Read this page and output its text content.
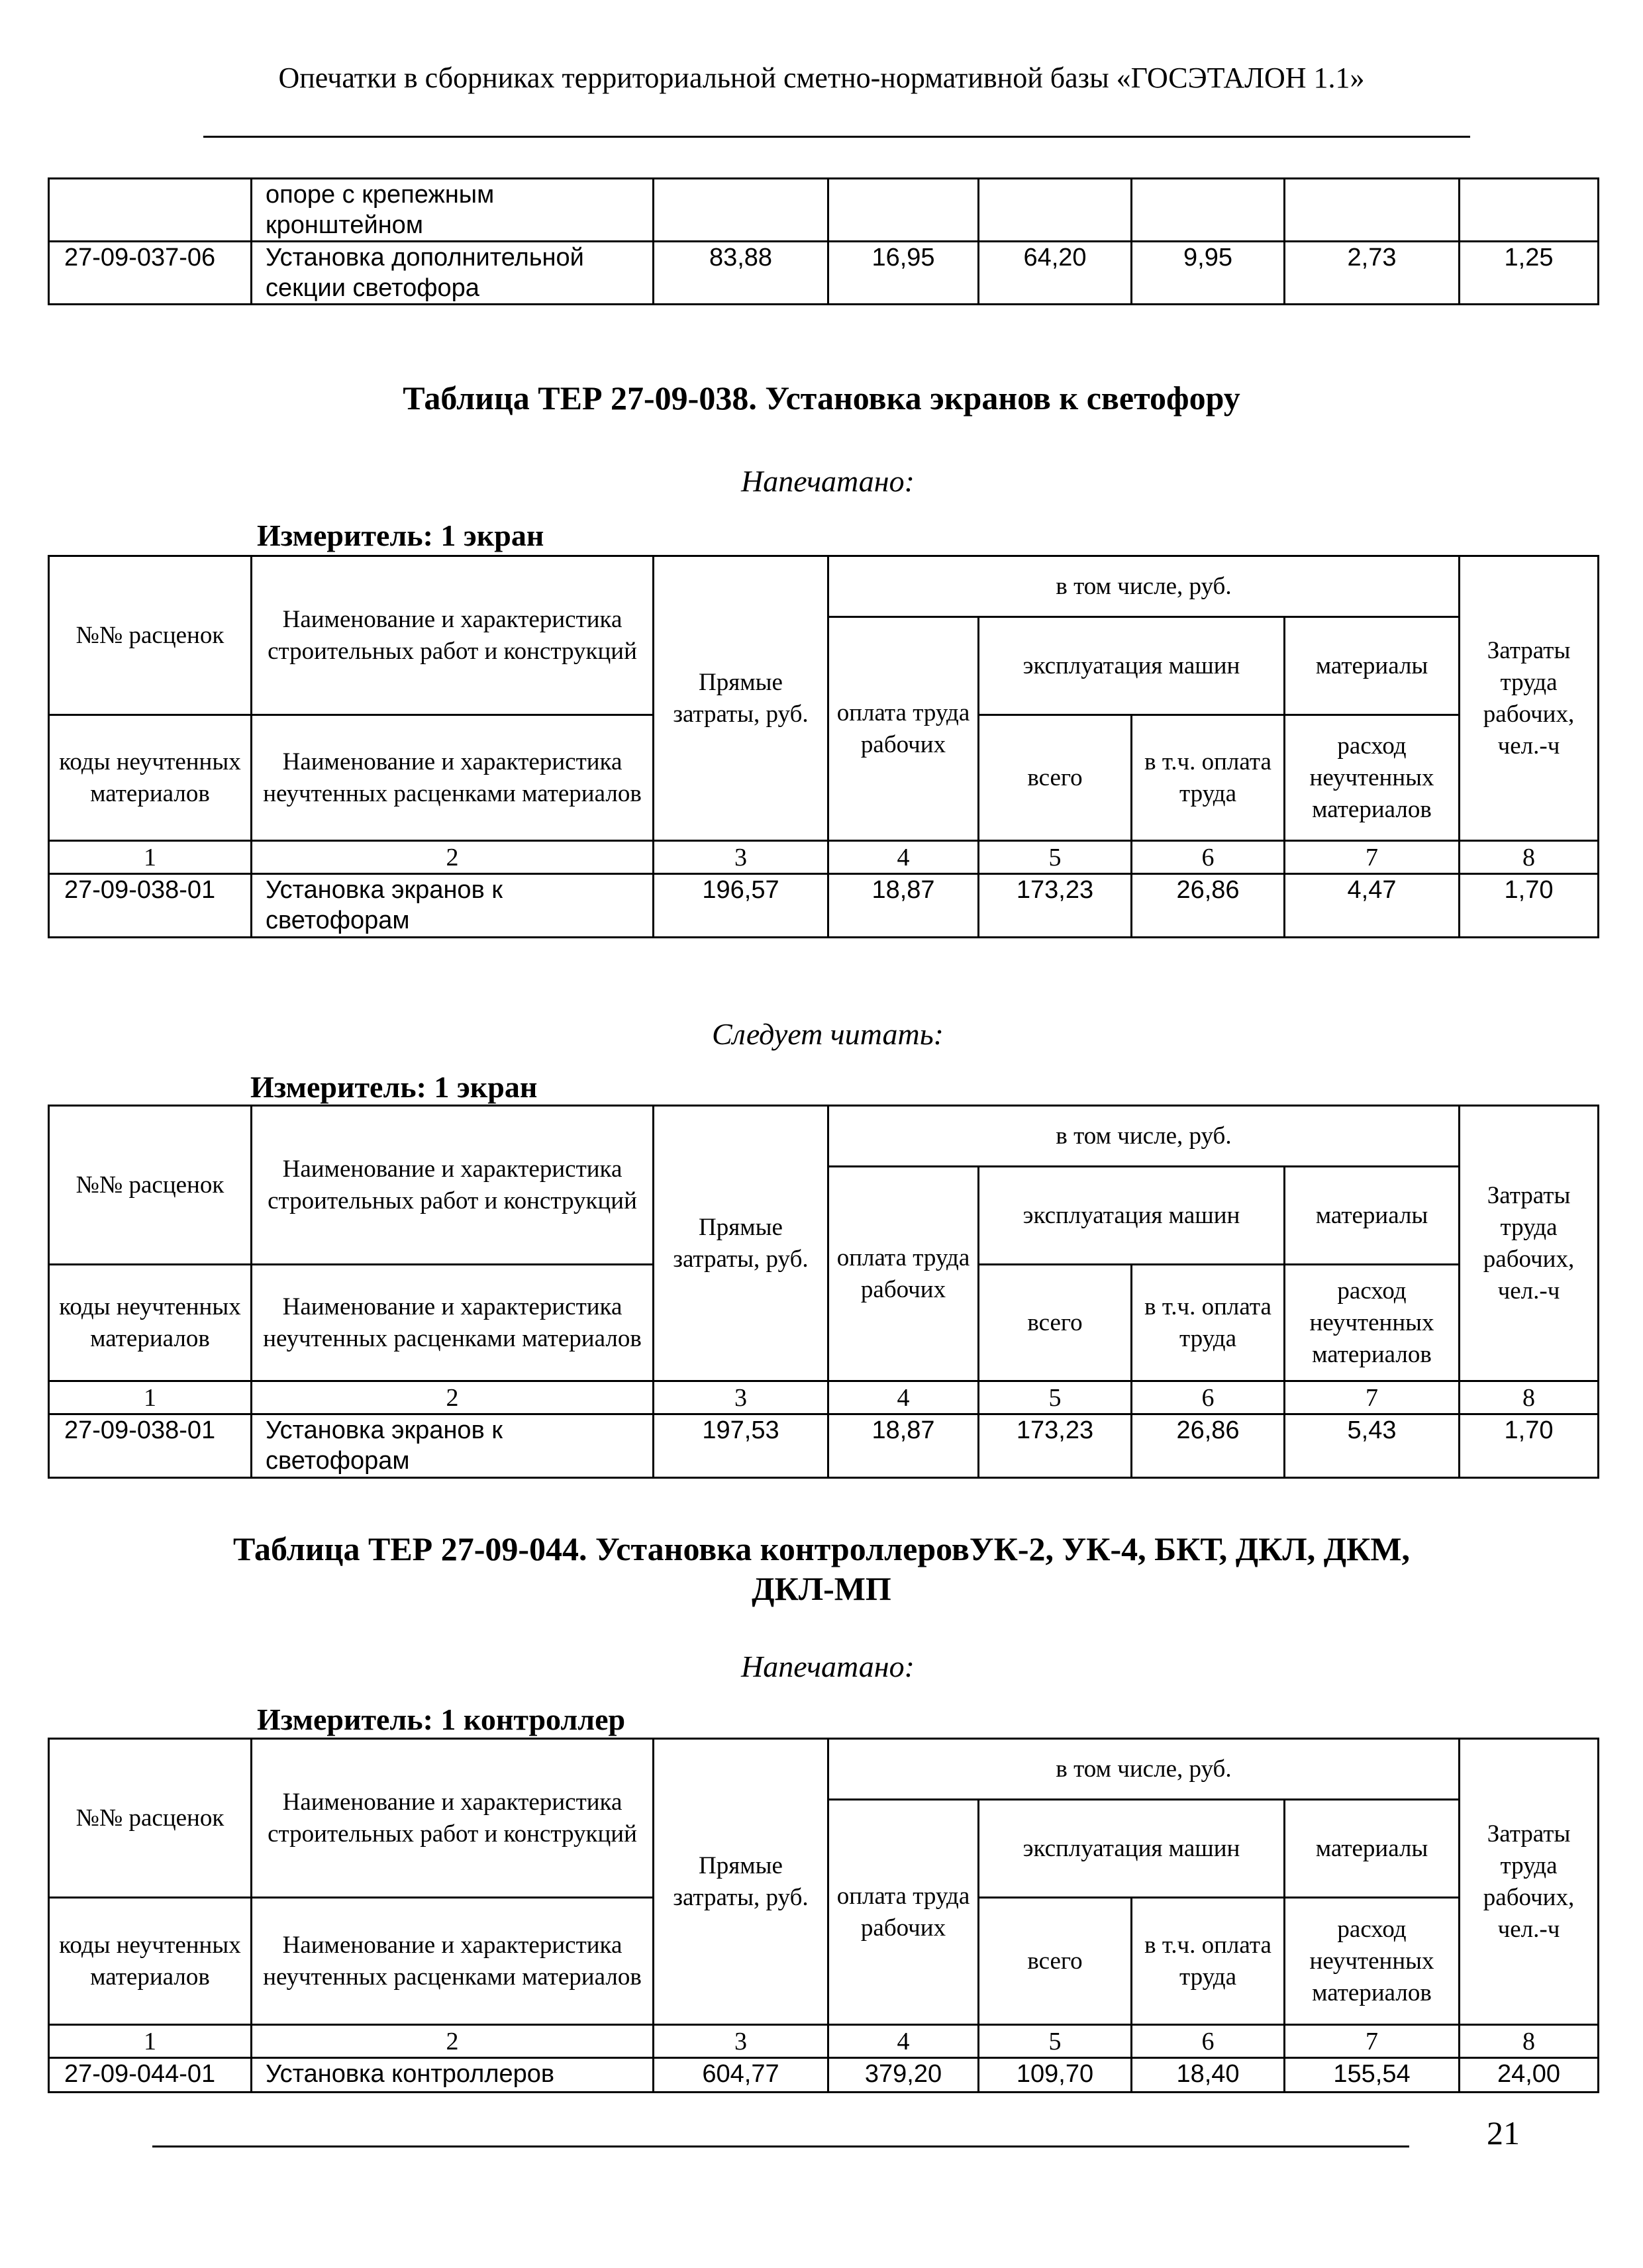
Опечатки в сборниках территориальной сметно-нормативной базы «ГОСЭТАЛОН 1.1»
	опоре с крепежным кронштейном						
27-09-037-06	Установка дополнительной секции светофора	83,88	16,95	64,20	9,95	2,73	1,25
Таблица ТЕР 27-09-038. Установка экранов к светофору
Напечатано:
Измеритель: 1 экран
№№ расценок	Наименование и характеристика строительных работ и конструкций	Прямые затраты, руб.	в том числе, руб.				Затраты труда рабочих, чел.-ч
			оплата труда рабочих	эксплуатация машин		материалы	
коды неучтенных материалов	Наименование и характеристика неучтенных расценками материалов			всего	в т.ч. оплата труда	расход неучтенных материалов	
1	2	3	4	5	6	7	8
27-09-038-01	Установка экранов к светофорам	196,57	18,87	173,23	26,86	4,47	1,70
Следует читать:
Измеритель: 1 экран
№№ расценок	Наименование и характеристика строительных работ и конструкций	Прямые затраты, руб.	в том числе, руб.				Затраты труда рабочих, чел.-ч
			оплата труда рабочих	эксплуатация машин		материалы	
коды неучтенных материалов	Наименование и характеристика неучтенных расценками материалов			всего	в т.ч. оплата труда	расход неучтенных материалов	
1	2	3	4	5	6	7	8
27-09-038-01	Установка экранов к светофорам	197,53	18,87	173,23	26,86	5,43	1,70
Таблица ТЕР 27-09-044. Установка контроллеровУК-2, УК-4, БКТ, ДКЛ, ДКМ,
ДКЛ-МП
Напечатано:
Измеритель: 1 контроллер
№№ расценок	Наименование и характеристика строительных работ и конструкций	Прямые затраты, руб.	в том числе, руб.				Затраты труда рабочих, чел.-ч
			оплата труда рабочих	эксплуатация машин		материалы	
коды неучтенных материалов	Наименование и характеристика неучтенных расценками материалов			всего	в т.ч. оплата труда	расход неучтенных материалов	
1	2	3	4	5	6	7	8
27-09-044-01	Установка контроллеров	604,77	379,20	109,70	18,40	155,54	24,00
21
